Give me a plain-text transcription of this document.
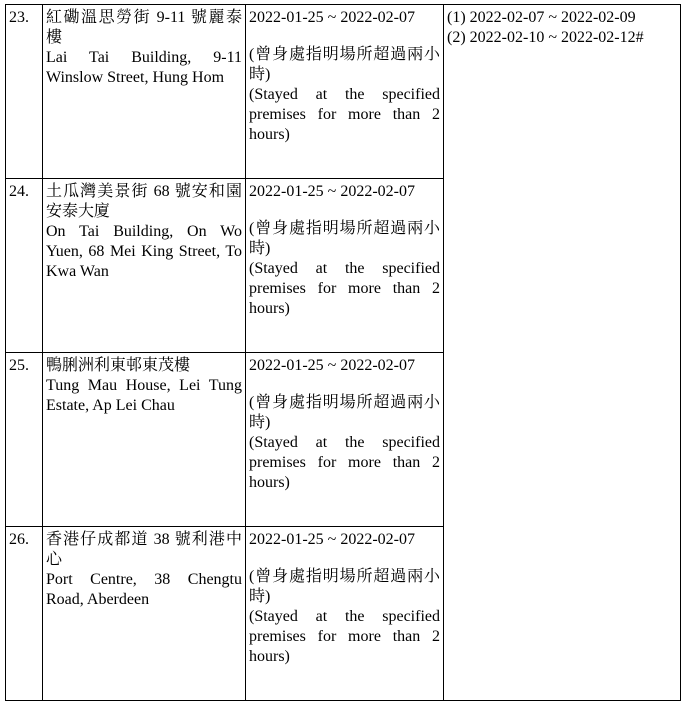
23.	紅磡溫思勞街 9-11 號麗泰樓
Lai Tai Building, 9-11 Winslow Street, Hung Hom	2022-01-25 ~ 2022-02-07
(曾身處指明場所超過兩小時)
(Stayed at the specified premises for more than 2 hours)	(1) 2022-02-07 ~ 2022-02-09
(2) 2022-02-10 ~ 2022-02-12#

24.	土瓜灣美景街 68 號安和園安泰大廈
On Tai Building, On Wo Yuen, 68 Mei King Street, To Kwa Wan	2022-01-25 ~ 2022-02-07
(曾身處指明場所超過兩小時)
(Stayed at the specified premises for more than 2 hours)	

25.	鴨脷洲利東邨東茂樓
Tung Mau House, Lei Tung Estate, Ap Lei Chau	2022-01-25 ~ 2022-02-07
(曾身處指明場所超過兩小時)
(Stayed at the specified premises for more than 2 hours)	

26.	香港仔成都道 38 號利港中心
Port Centre, 38 Chengtu Road, Aberdeen	2022-01-25 ~ 2022-02-07
(曾身處指明場所超過兩小時)
(Stayed at the specified premises for more than 2 hours)	
